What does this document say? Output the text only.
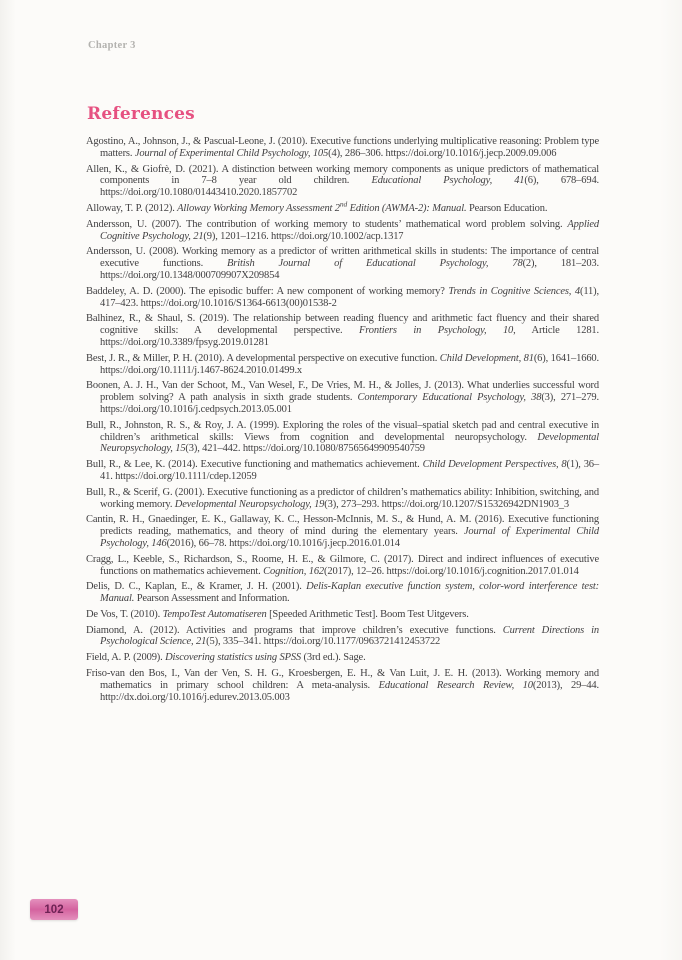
Chapter 3
References

Agostino, A., Johnson, J., & Pascual-Leone, J. (2010). Executive functions underlying multiplicative reasoning: Problem type matters. Journal of Experimental Child Psychology, 105(4), 286–306. https://doi.org/10.1016/j.jecp.2009.09.006

Allen, K., & Giofrè, D. (2021). A distinction between working memory components as unique predictors of mathematical components in 7–8 year old children. Educational Psychology, 41(6), 678–694. https://doi.org/10.1080/01443410.2020.1857702

Alloway, T. P. (2012). Alloway Working Memory Assessment 2nd Edition (AWMA-2): Manual. Pearson Education.

Andersson, U. (2007). The contribution of working memory to students’ mathematical word problem solving. Applied Cognitive Psychology, 21(9), 1201–1216. https://doi.org/10.1002/acp.1317

Andersson, U. (2008). Working memory as a predictor of written arithmetical skills in students: The importance of central executive functions. British Journal of Educational Psychology, 78(2), 181–203. https://doi.org/10.1348/000709907X209854

Baddeley, A. D. (2000). The episodic buffer: A new component of working memory? Trends in Cognitive Sciences, 4(11), 417–423. https://doi.org/10.1016/S1364-6613(00)01538-2

Balhinez, R., & Shaul, S. (2019). The relationship between reading fluency and arithmetic fact fluency and their shared cognitive skills: A developmental perspective. Frontiers in Psychology, 10, Article 1281. https://doi.org/10.3389/fpsyg.2019.01281

Best, J. R., & Miller, P. H. (2010). A developmental perspective on executive function. Child Development, 81(6), 1641–1660. https://doi.org/10.1111/j.1467-8624.2010.01499.x

Boonen, A. J. H., Van der Schoot, M., Van Wesel, F., De Vries, M. H., & Jolles, J. (2013). What underlies successful word problem solving? A path analysis in sixth grade students. Contemporary Educational Psychology, 38(3), 271–279. https://doi.org/10.1016/j.cedpsych.2013.05.001

Bull, R., Johnston, R. S., & Roy, J. A. (1999). Exploring the roles of the visual–spatial sketch pad and central executive in children’s arithmetical skills: Views from cognition and developmental neuropsychology. Developmental Neuropsychology, 15(3), 421–442. https://doi.org/10.1080/87565649909540759

Bull, R., & Lee, K. (2014). Executive functioning and mathematics achievement. Child Development Perspectives, 8(1), 36–41. https://doi.org/10.1111/cdep.12059

Bull, R., & Scerif, G. (2001). Executive functioning as a predictor of children’s mathematics ability: Inhibition, switching, and working memory. Developmental Neuropsychology, 19(3), 273–293. https://doi.org/10.1207/S15326942DN1903_3

Cantin, R. H., Gnaedinger, E. K., Gallaway, K. C., Hesson-McInnis, M. S., & Hund, A. M. (2016). Executive functioning predicts reading, mathematics, and theory of mind during the elementary years. Journal of Experimental Child Psychology, 146(2016), 66–78. https://doi.org/10.1016/j.jecp.2016.01.014

Cragg, L., Keeble, S., Richardson, S., Roome, H. E., & Gilmore, C. (2017). Direct and indirect influences of executive functions on mathematics achievement. Cognition, 162(2017), 12–26. https://doi.org/10.1016/j.cognition.2017.01.014

Delis, D. C., Kaplan, E., & Kramer, J. H. (2001). Delis-Kaplan executive function system, color-word interference test: Manual. Pearson Assessment and Information.

De Vos, T. (2010). TempoTest Automatiseren [Speeded Arithmetic Test]. Boom Test Uitgevers.

Diamond, A. (2012). Activities and programs that improve children’s executive functions. Current Directions in Psychological Science, 21(5), 335–341. https://doi.org/10.1177/0963721412453722

Field, A. P. (2009). Discovering statistics using SPSS (3rd ed.). Sage.

Friso-van den Bos, I., Van der Ven, S. H. G., Kroesbergen, E. H., & Van Luit, J. E. H. (2013). Working memory and mathematics in primary school children: A meta-analysis. Educational Research Review, 10(2013), 29–44. http://dx.doi.org/10.1016/j.edurev.2013.05.003

102
